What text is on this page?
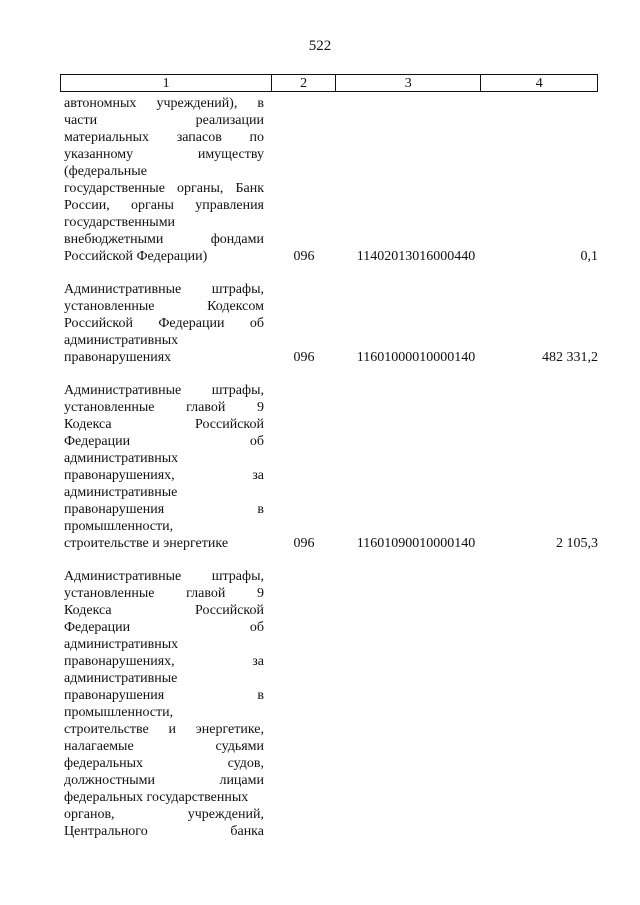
522
1	2	3	4
автономных учреждений), в
части реализации
материальных запасов по
указанному имуществу
(федеральные
государственные органы, Банк
России, органы управления
государственными
внебюджетными фондами
Российской Федерации)	096	11402013016000440	0,1
Административные штрафы,
установленные Кодексом
Российской Федерации об
административных
правонарушениях	096	11601000010000140	482 331,2
Административные штрафы,
установленные главой 9
Кодекса Российской
Федерации об
административных
правонарушениях, за
административные
правонарушения в
промышленности,
строительстве и энергетике	096	11601090010000140	2 105,3
Административные штрафы,
установленные главой 9
Кодекса Российской
Федерации об
административных
правонарушениях, за
административные
правонарушения в
промышленности,
строительстве и энергетике,
налагаемые судьями
федеральных судов,
должностными лицами
федеральных государственных
органов, учреждений,
Центрального банка
